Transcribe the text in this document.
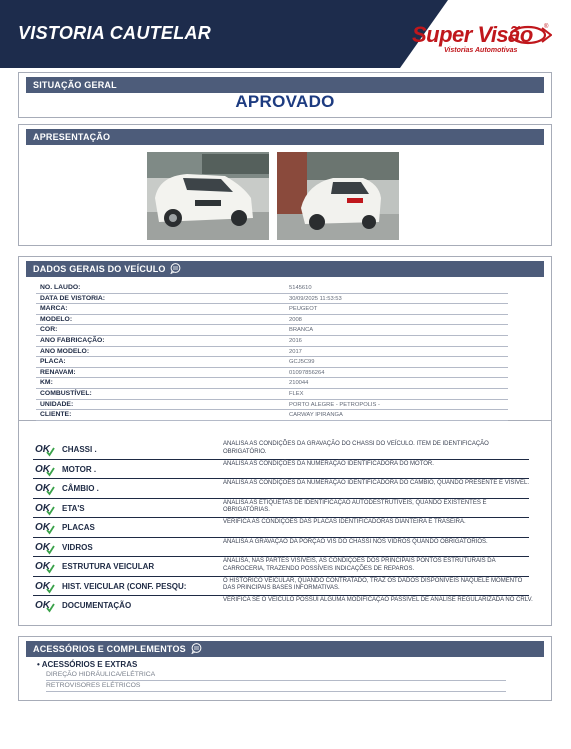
VISTORIA CAUTELAR	Super Visão ®
Vistorias Automotivas
SITUAÇÃO GERAL
APROVADO
APRESENTAÇÃO
DADOS GERAIS DO VEÍCULO
NO. LAUDO:	5145610
DATA DE VISTORIA:	30/09/2025 11:53:53
MARCA:	PEUGEOT
MODELO:	2008
COR:	BRANCA
ANO FABRICAÇÃO:	2016
ANO MODELO:	2017
PLACA:	GCJ5C99
RENAVAM:	01097856264
KM:	210044
COMBUSTÍVEL:	FLEX
UNIDADE:	PORTO ALEGRE - PETROPOLIS -
CLIENTE:	CARWAY IPIRANGA
OK CHASSI .
ANALISA AS CONDIÇÕES DA GRAVAÇÃO DO CHASSI DO VEÍCULO. ITEM DE IDENTIFICAÇÃO OBRIGATÓRIO.
OK MOTOR .
ANALISA AS CONDIÇÕES DA NUMERAÇÃO IDENTIFICADORA DO MOTOR.
OK CÂMBIO .
ANALISA AS CONDIÇÕES DA NUMERAÇÃO IDENTIFICADORA DO CÂMBIO, QUANDO PRESENTE E VISÍVEL.
OK ETA'S
ANALISA AS ETIQUETAS DE IDENTIFICAÇÃO AUTODESTRUTÍVEIS, QUANDO EXISTENTES E OBRIGATÓRIAS.
OK PLACAS
VERIFICA AS CONDIÇÕES DAS PLACAS IDENTIFICADORAS DIANTEIRA E TRASEIRA.
OK VIDROS
ANALISA A GRAVAÇÃO DA PORÇÃO VIS DO CHASSI NOS VIDROS QUANDO OBRIGATÓRIOS.
OK ESTRUTURA VEICULAR
ANALISA, NAS PARTES VISÍVEIS, AS CONDIÇÕES DOS PRINCIPAIS PONTOS ESTRUTURAIS DA CARROCERIA, TRAZENDO POSSÍVEIS INDICAÇÕES DE REPAROS.
OK HIST. VEICULAR (CONF. PESQU:
O HISTÓRICO VEICULAR, QUANDO CONTRATADO, TRAZ OS DADOS DISPONÍVEIS NAQUELE MOMENTO DAS PRINCIPAIS BASES INFORMATIVAS.
OK DOCUMENTAÇÃO
VERIFICA SE O VEÍCULO POSSUI ALGUMA MODIFICAÇÃO PASSÍVEL DE ANÁLISE REGULARIZADA NO CRLV.
ACESSÓRIOS E COMPLEMENTOS
• ACESSÓRIOS E EXTRAS
DIREÇÃO HIDRÁULICA/ELÉTRICA
RETROVISORES ELÉTRICOS
